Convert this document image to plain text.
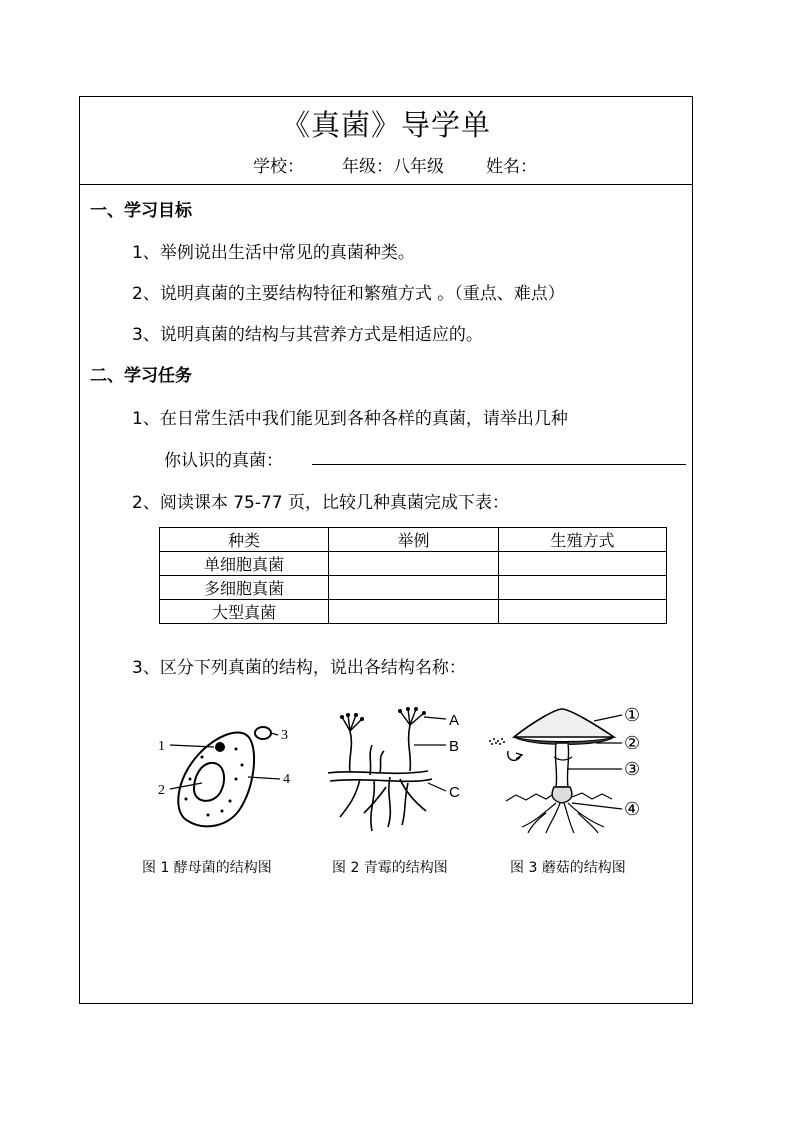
《真菌》导学单
学校： 年级：八年级 姓名：
一、学习目标
1、举例说出生活中常见的真菌种类。
2、说明真菌的主要结构特征和繁殖方式 。（重点、难点）
3、说明真菌的结构与其营养方式是相适应的。
二、学习任务
1、在日常生活中我们能见到各种各样的真菌，请举出几种
你认识的真菌：
2、阅读课本 75-77 页，比较几种真菌完成下表：
种类	举例	生殖方式
单细胞真菌		
多细胞真菌		
大型真菌		
3、区分下列真菌的结构，说出各结构名称：
1
2
3
4
A
B
C
①
②
③
④
图 1 酵母菌的结构图	图 2 青霉的结构图	图 3 蘑菇的结构图
